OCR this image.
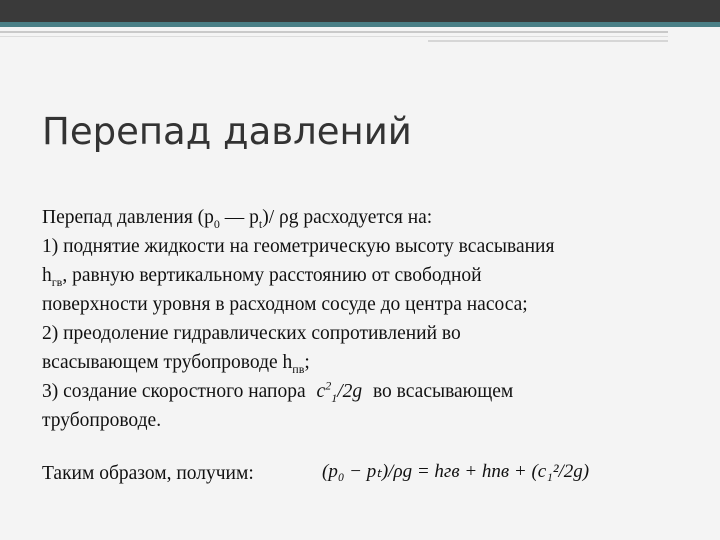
Перепад давлений
Перепад давления ($p_0$ — $p_t)/$ ρg расходуется на:
1) поднятие жидкости на геометрическую высоту всасывания
$h_{гв}$, равную вертикальному расстоянию от свободной
поверхности уровня в расходном сосуде до центра насоса;
2) преодоление гидравлических сопротивлений во
всасывающем трубопроводе $h_{пв}$;
3) создание скоростного напора $c^2_1/2g$ во всасывающем
трубопроводе.
Таким образом, получим:	(p₀ − pₜ)/ρg = hгв + hпв + (c₁²/2g)
